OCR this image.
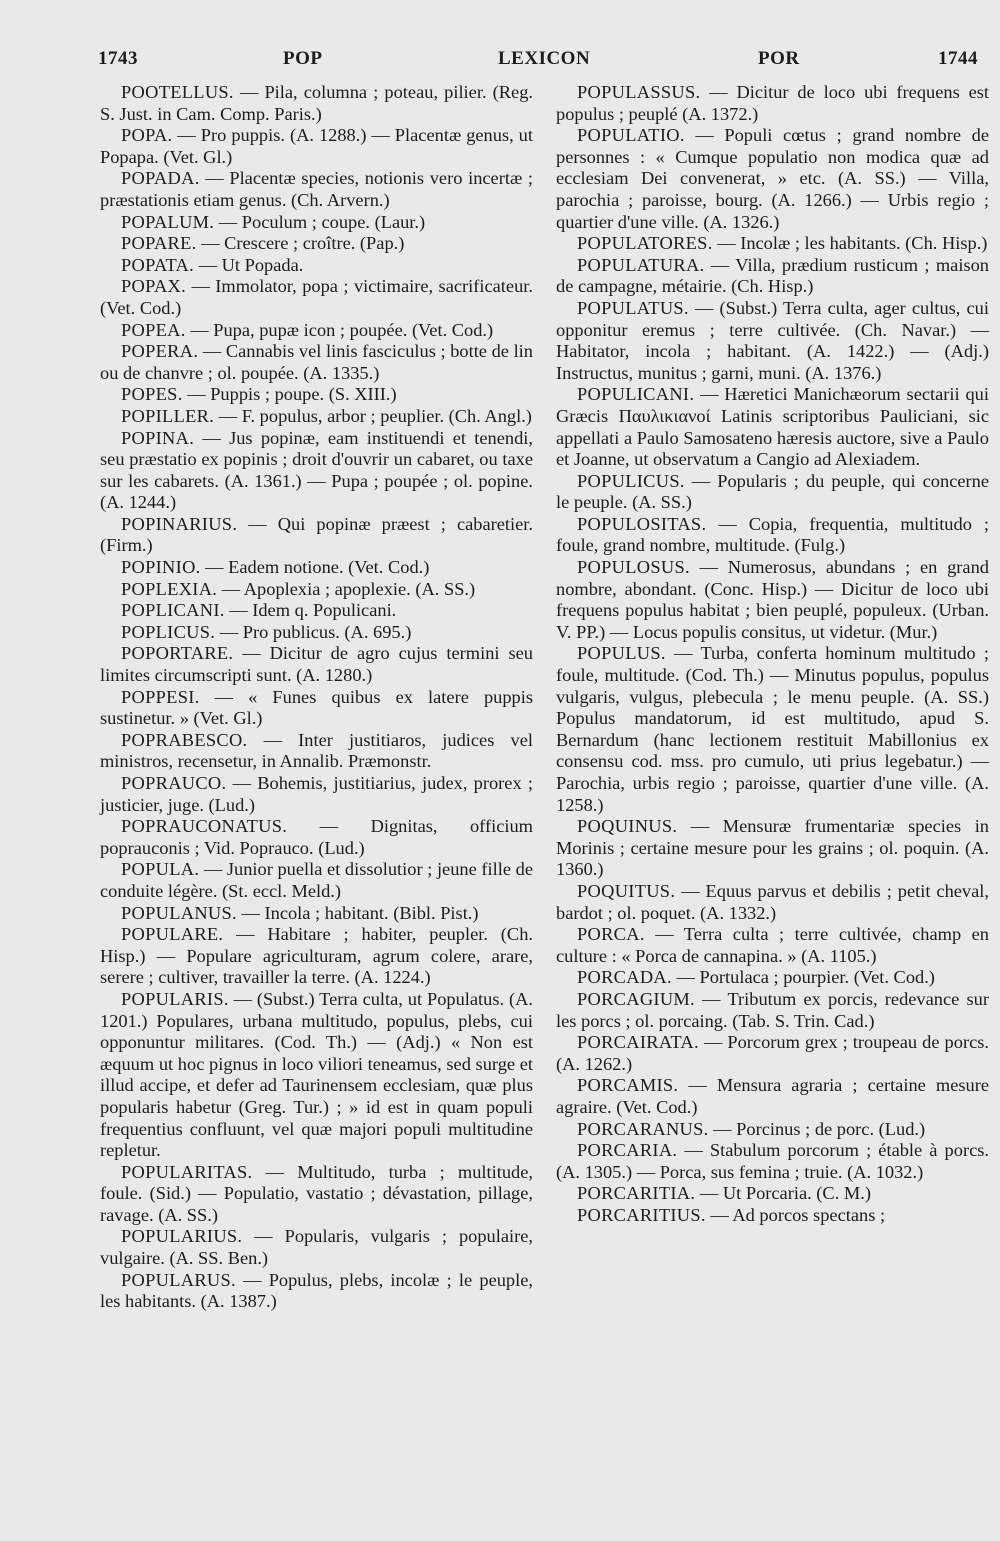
1743	POP	LEXICON	POR	1744

POOTELLUS. — Pila, columna ; poteau, pilier. (Reg. S. Just. in Cam. Comp. Paris.)

POPA. — Pro puppis. (A. 1288.) — Placentæ genus, ut Popapa. (Vet. Gl.)

POPADA. — Placentæ species, notionis vero incertæ ; præstationis etiam genus. (Ch. Arvern.)

POPALUM. — Poculum ; coupe. (Laur.)

POPARE. — Crescere ; croître. (Pap.)

POPATA. — Ut Popada.

POPAX. — Immolator, popa ; victimaire, sacrificateur. (Vet. Cod.)

POPEA. — Pupa, pupæ icon ; poupée. (Vet. Cod.)

POPERA. — Cannabis vel linis fasciculus ; botte de lin ou de chanvre ; ol. poupée. (A. 1335.)

POPES. — Puppis ; poupe. (S. XIII.)

POPILLER. — F. populus, arbor ; peuplier. (Ch. Angl.)

POPINA. — Jus popinæ, eam instituendi et tenendi, seu præstatio ex popinis ; droit d'ouvrir un cabaret, ou taxe sur les cabarets. (A. 1361.) — Pupa ; poupée ; ol. popine. (A. 1244.)

POPINARIUS. — Qui popinæ præest ; cabaretier. (Firm.)

POPINIO. — Eadem notione. (Vet. Cod.)

POPLEXIA. — Apoplexia ; apoplexie. (A. SS.)

POPLICANI. — Idem q. Populicani.

POPLICUS. — Pro publicus. (A. 695.)

POPORTARE. — Dicitur de agro cujus termini seu limites circumscripti sunt. (A. 1280.)

POPPESI. — « Funes quibus ex latere puppis sustinetur. » (Vet. Gl.)

POPRABESCO. — Inter justitiaros, judices vel ministros, recensetur, in Annalib. Præmonstr.

POPRAUCO. — Bohemis, justitiarius, judex, prorex ; justicier, juge. (Lud.)

POPRAUCONATUS. — Dignitas, officium poprauconis ; Vid. Poprauco. (Lud.)

POPULA. — Junior puella et dissolutior ; jeune fille de conduite légère. (St. eccl. Meld.)

POPULANUS. — Incola ; habitant. (Bibl. Pist.)

POPULARE. — Habitare ; habiter, peupler. (Ch. Hisp.) — Populare agriculturam, agrum colere, arare, serere ; cultiver, travailler la terre. (A. 1224.)

POPULARIS. — (Subst.) Terra culta, ut Populatus. (A. 1201.) Populares, urbana multitudo, populus, plebs, cui opponuntur militares. (Cod. Th.) — (Adj.) « Non est æquum ut hoc pignus in loco viliori teneamus, sed surge et illud accipe, et defer ad Taurinensem ecclesiam, quæ plus popularis habetur (Greg. Tur.) ; » id est in quam populi frequentius confluunt, vel quæ majori populi multitudine repletur.

POPULARITAS. — Multitudo, turba ; multitude, foule. (Sid.) — Populatio, vastatio ; dévastation, pillage, ravage. (A. SS.)

POPULARIUS. — Popularis, vulgaris ; populaire, vulgaire. (A. SS. Ben.)

POPULARUS. — Populus, plebs, incolæ ; le peuple, les habitants. (A. 1387.)

POPULASSUS. — Dicitur de loco ubi frequens est populus ; peuplé (A. 1372.)

POPULATIO. — Populi cœtus ; grand nombre de personnes : « Cumque populatio non modica quæ ad ecclesiam Dei convenerat, » etc. (A. SS.) — Villa, parochia ; paroisse, bourg. (A. 1266.) — Urbis regio ; quartier d'une ville. (A. 1326.)

POPULATORES. — Incolæ ; les habitants. (Ch. Hisp.)

POPULATURA. — Villa, prædium rusticum ; maison de campagne, métairie. (Ch. Hisp.)

POPULATUS. — (Subst.) Terra culta, ager cultus, cui opponitur eremus ; terre cultivée. (Ch. Navar.) — Habitator, incola ; habitant. (A. 1422.) — (Adj.) Instructus, munitus ; garni, muni. (A. 1376.)

POPULICANI. — Hæretici Manichæorum sectarii qui Græcis Παυλικιανοί Latinis scriptoribus Pauliciani, sic appellati a Paulo Samosateno hæresis auctore, sive a Paulo et Joanne, ut observatum a Cangio ad Alexiadem.

POPULICUS. — Popularis ; du peuple, qui concerne le peuple. (A. SS.)

POPULOSITAS. — Copia, frequentia, multitudo ; foule, grand nombre, multitude. (Fulg.)

POPULOSUS. — Numerosus, abundans ; en grand nombre, abondant. (Conc. Hisp.) — Dicitur de loco ubi frequens populus habitat ; bien peuplé, populeux. (Urban. V. PP.) — Locus populis consitus, ut videtur. (Mur.)

POPULUS. — Turba, conferta hominum multitudo ; foule, multitude. (Cod. Th.) — Minutus populus, populus vulgaris, vulgus, plebecula ; le menu peuple. (A. SS.) Populus mandatorum, id est multitudo, apud S. Bernardum (hanc lectionem restituit Mabillonius ex consensu cod. mss. pro cumulo, uti prius legebatur.) — Parochia, urbis regio ; paroisse, quartier d'une ville. (A. 1258.)

POQUINUS. — Mensuræ frumentariæ species in Morinis ; certaine mesure pour les grains ; ol. poquin. (A. 1360.)

POQUITUS. — Equus parvus et debilis ; petit cheval, bardot ; ol. poquet. (A. 1332.)

PORCA. — Terra culta ; terre cultivée, champ en culture : « Porca de cannapina. » (A. 1105.)

PORCADA. — Portulaca ; pourpier. (Vet. Cod.)

PORCAGIUM. — Tributum ex porcis, redevance sur les porcs ; ol. porcaing. (Tab. S. Trin. Cad.)

PORCAIRATA. — Porcorum grex ; troupeau de porcs. (A. 1262.)

PORCAMIS. — Mensura agraria ; certaine mesure agraire. (Vet. Cod.)

PORCARANUS. — Porcinus ; de porc. (Lud.)

PORCARIA. — Stabulum porcorum ; étable à porcs. (A. 1305.) — Porca, sus femina ; truie. (A. 1032.)

PORCARITIA. — Ut Porcaria. (C. M.)

PORCARITIUS. — Ad porcos spectans ;
